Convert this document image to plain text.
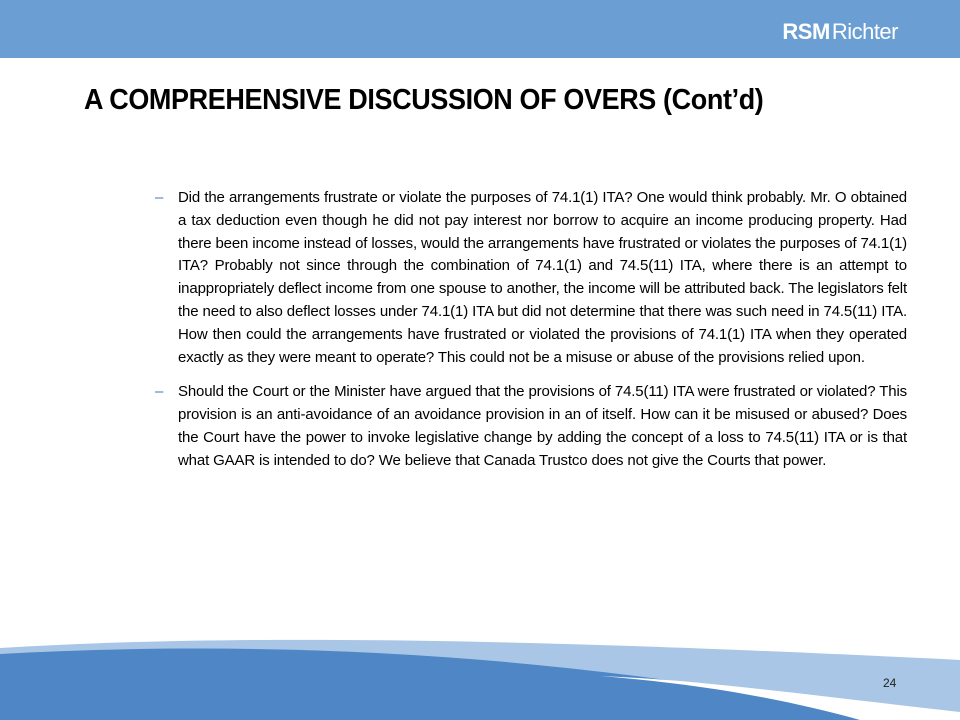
RSMRichter
A COMPREHENSIVE DISCUSSION OF OVERS (Cont’d)
– Did the arrangements frustrate or violate the purposes of 74.1(1) ITA? One would think probably. Mr. O obtained a tax deduction even though he did not pay interest nor borrow to acquire an income producing property. Had there been income instead of losses, would the arrangements have frustrated or violates the purposes of 74.1(1) ITA? Probably not since through the combination of 74.1(1) and 74.5(11) ITA, where there is an attempt to inappropriately deflect income from one spouse to another, the income will be attributed back. The legislators felt the need to also deflect losses under 74.1(1) ITA but did not determine that there was such need in 74.5(11) ITA. How then could the arrangements have frustrated or violated the provisions of 74.1(1) ITA when they operated exactly as they were meant to operate? This could not be a misuse or abuse of the provisions relied upon.
– Should the Court or the Minister have argued that the provisions of 74.5(11) ITA were frustrated or violated? This provision is an anti-avoidance of an avoidance provision in an of itself. How can it be misused or abused? Does the Court have the power to invoke legislative change by adding the concept of a loss to 74.5(11) ITA or is that what GAAR is intended to do? We believe that Canada Trustco does not give the Courts that power.
24
